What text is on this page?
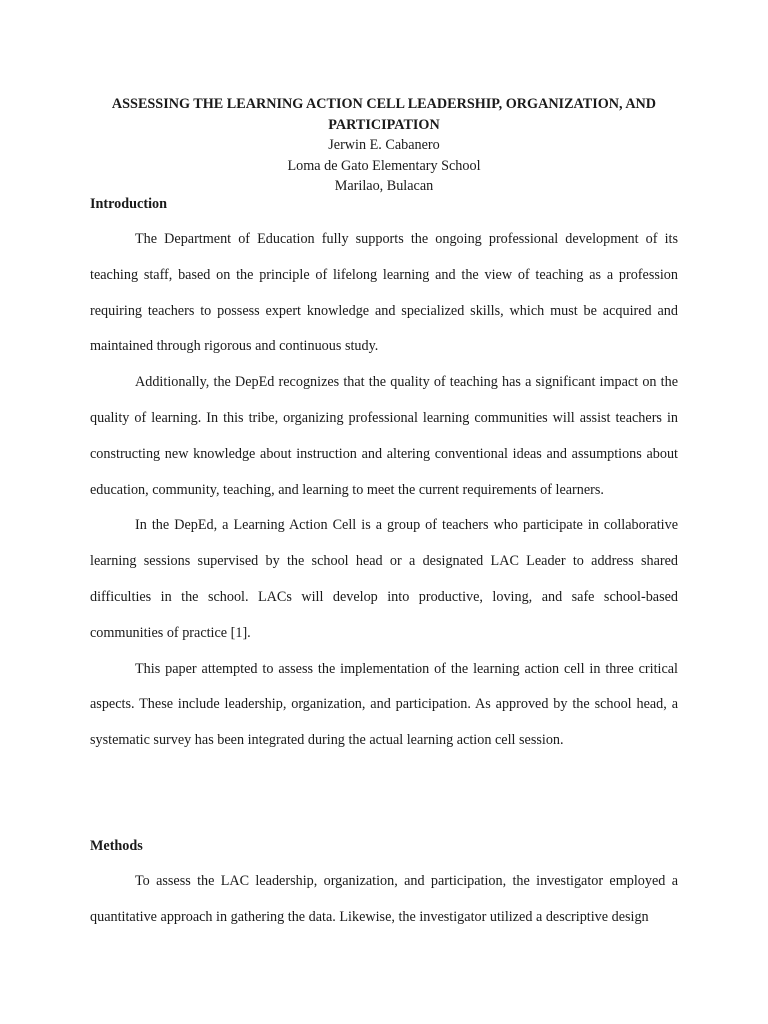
ASSESSING THE LEARNING ACTION CELL LEADERSHIP, ORGANIZATION, AND PARTICIPATION

Jerwin E. Cabanero

Loma de Gato Elementary School

Marilao, Bulacan

Introduction

The Department of Education fully supports the ongoing professional development of its teaching staff, based on the principle of lifelong learning and the view of teaching as a profession requiring teachers to possess expert knowledge and specialized skills, which must be acquired and maintained through rigorous and continuous study.

Additionally, the DepEd recognizes that the quality of teaching has a significant impact on the quality of learning. In this tribe, organizing professional learning communities will assist teachers in constructing new knowledge about instruction and altering conventional ideas and assumptions about education, community, teaching, and learning to meet the current requirements of learners.

In the DepEd, a Learning Action Cell is a group of teachers who participate in collaborative learning sessions supervised by the school head or a designated LAC Leader to address shared difficulties in the school. LACs will develop into productive, loving, and safe school-based communities of practice [1].

This paper attempted to assess the implementation of the learning action cell in three critical aspects. These include leadership, organization, and participation. As approved by the school head, a systematic survey has been integrated during the actual learning action cell session.

Methods

To assess the LAC leadership, organization, and participation, the investigator employed a quantitative approach in gathering the data. Likewise, the investigator utilized a descriptive design
